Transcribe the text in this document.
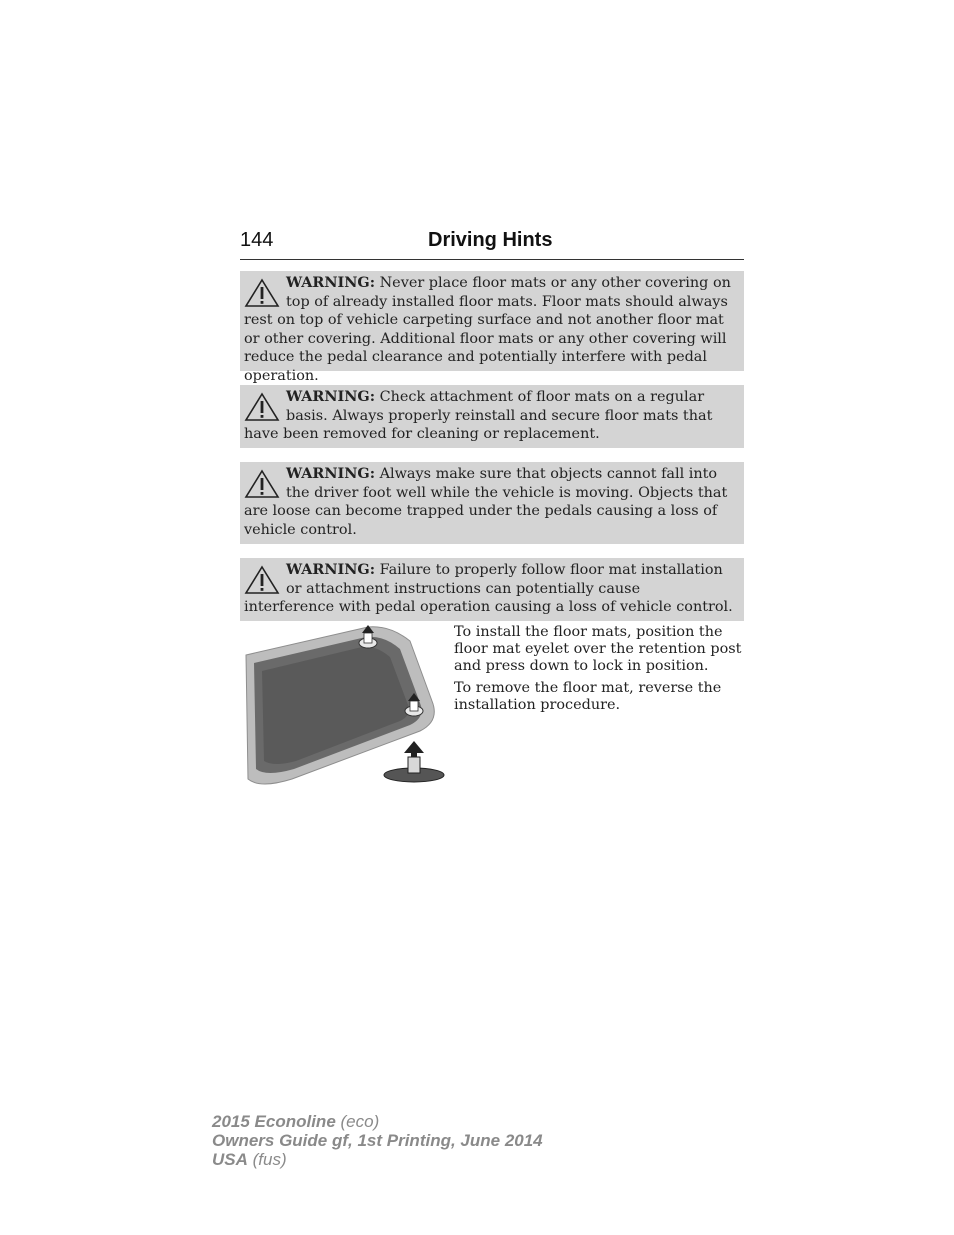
144	Driving Hints
WARNING: Never place floor mats or any other covering on top of already installed floor mats. Floor mats should always rest on top of vehicle carpeting surface and not another floor mat or other covering. Additional floor mats or any other covering will reduce the pedal clearance and potentially interfere with pedal operation.
WARNING: Check attachment of floor mats on a regular basis. Always properly reinstall and secure floor mats that have been removed for cleaning or replacement.
WARNING: Always make sure that objects cannot fall into the driver foot well while the vehicle is moving. Objects that are loose can become trapped under the pedals causing a loss of vehicle control.
WARNING: Failure to properly follow floor mat installation or attachment instructions can potentially cause interference with pedal operation causing a loss of vehicle control.

To install the floor mats, position the floor mat eyelet over the retention post and press down to lock in position.

To remove the floor mat, reverse the installation procedure.

2015 Econoline (eco)
Owners Guide gf, 1st Printing, June 2014
USA (fus)
